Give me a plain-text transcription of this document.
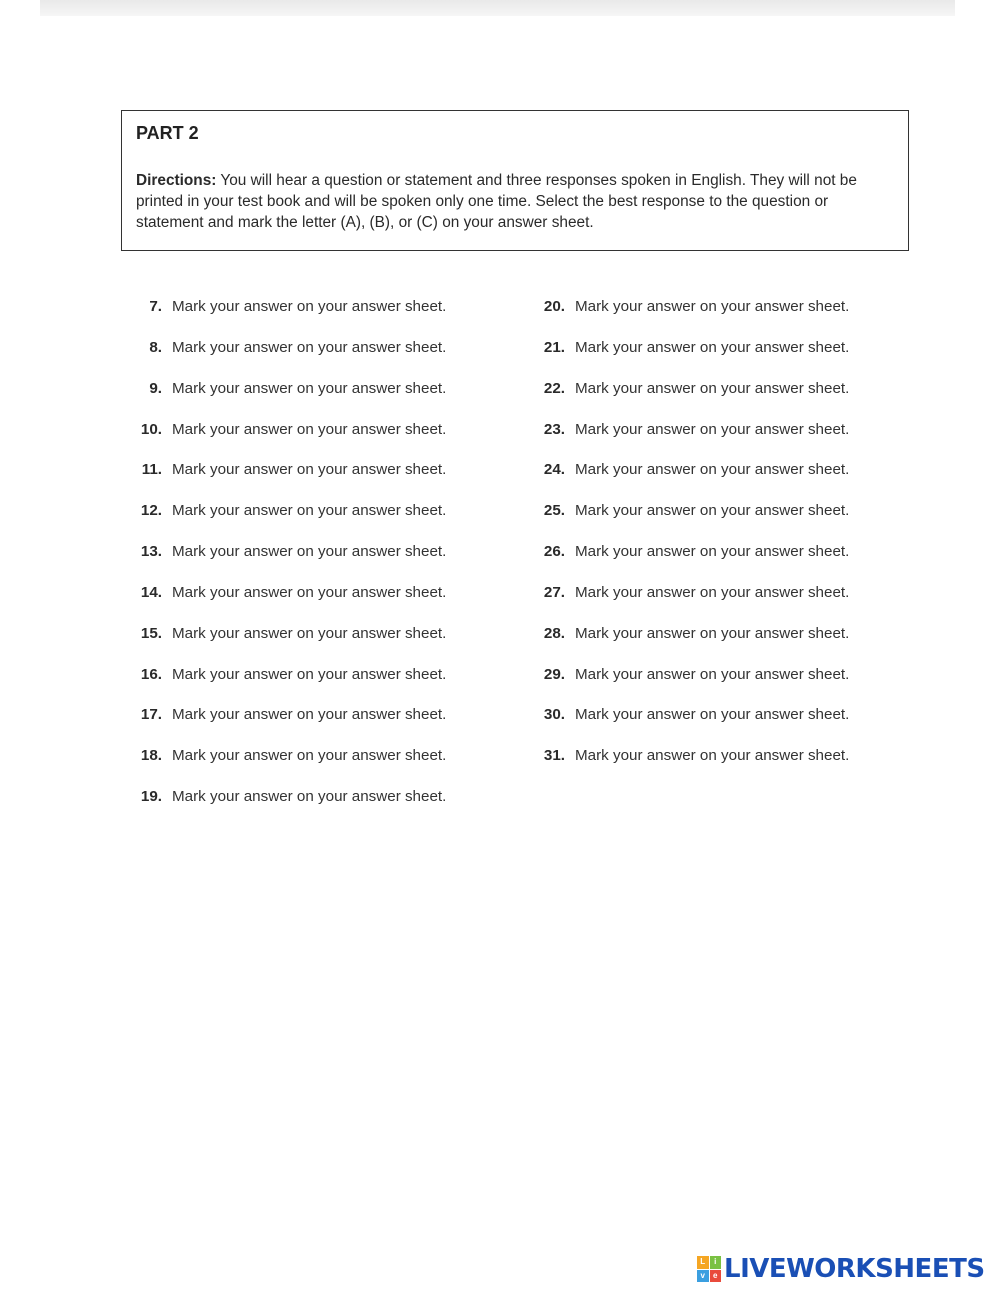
PART 2
Directions: You will hear a question or statement and three responses spoken in English. They will not be printed in your test book and will be spoken only one time. Select the best response to the question or statement and mark the letter (A), (B), or (C) on your answer sheet.
7. Mark your answer on your answer sheet.
8. Mark your answer on your answer sheet.
9. Mark your answer on your answer sheet.
10. Mark your answer on your answer sheet.
11. Mark your answer on your answer sheet.
12. Mark your answer on your answer sheet.
13. Mark your answer on your answer sheet.
14. Mark your answer on your answer sheet.
15. Mark your answer on your answer sheet.
16. Mark your answer on your answer sheet.
17. Mark your answer on your answer sheet.
18. Mark your answer on your answer sheet.
19. Mark your answer on your answer sheet.
20. Mark your answer on your answer sheet.
21. Mark your answer on your answer sheet.
22. Mark your answer on your answer sheet.
23. Mark your answer on your answer sheet.
24. Mark your answer on your answer sheet.
25. Mark your answer on your answer sheet.
26. Mark your answer on your answer sheet.
27. Mark your answer on your answer sheet.
28. Mark your answer on your answer sheet.
29. Mark your answer on your answer sheet.
30. Mark your answer on your answer sheet.
31. Mark your answer on your answer sheet.
L	i
v	e LIVEWORKSHEETS
